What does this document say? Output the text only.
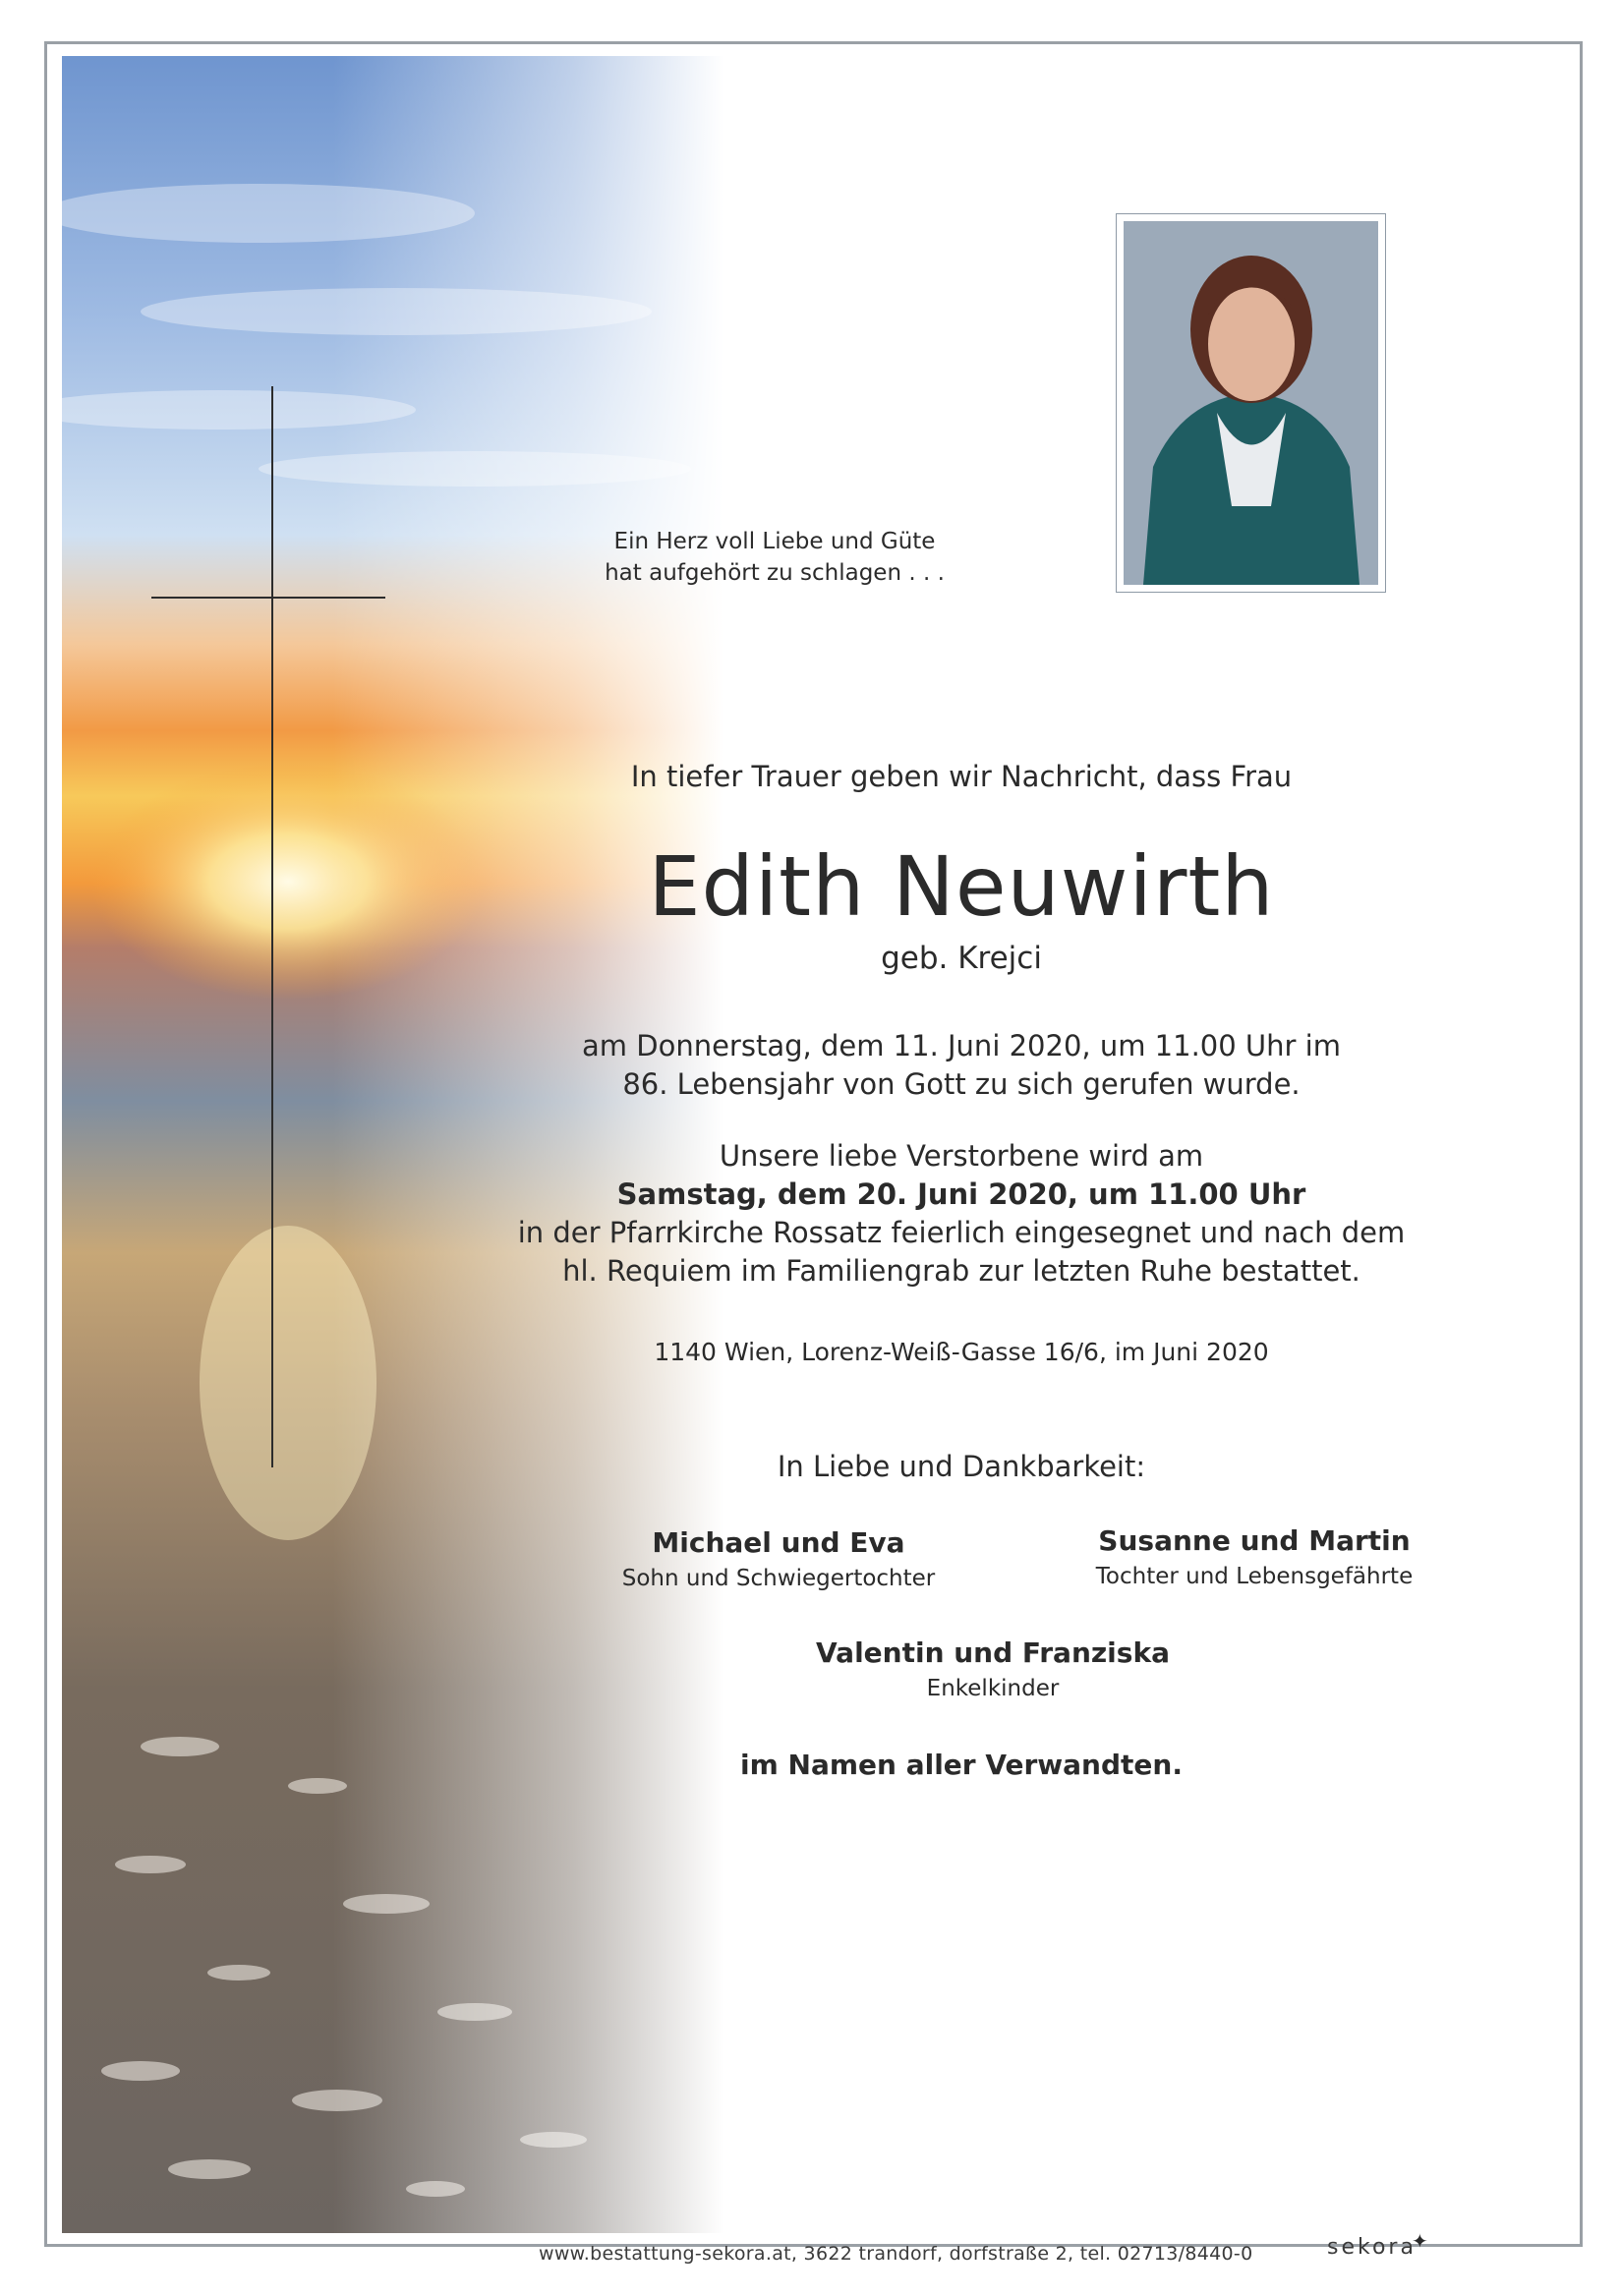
Ein Herz voll Liebe und Güte
hat aufgehört zu schlagen . . .
In tiefer Trauer geben wir Nachricht, dass Frau
Edith Neuwirth
geb. Krejci
am Donnerstag, dem 11. Juni 2020, um 11.00 Uhr im
86. Lebensjahr von Gott zu sich gerufen wurde.
Unsere liebe Verstorbene wird am
Samstag, dem 20. Juni 2020, um 11.00 Uhr
in der Pfarrkirche Rossatz feierlich eingesegnet und nach dem
hl. Requiem im Familiengrab zur letzten Ruhe bestattet.
1140 Wien, Lorenz-Weiß-Gasse 16/6, im Juni 2020
In Liebe und Dankbarkeit:
Michael und Eva
Sohn und Schwiegertochter
Susanne und Martin
Tochter und Lebensgefährte
Valentin und Franziska
Enkelkinder
im Namen aller Verwandten.
www.bestattung-sekora.at, 3622 trandorf, dorfstraße 2, tel. 02713/8440-0	sekora
✦
